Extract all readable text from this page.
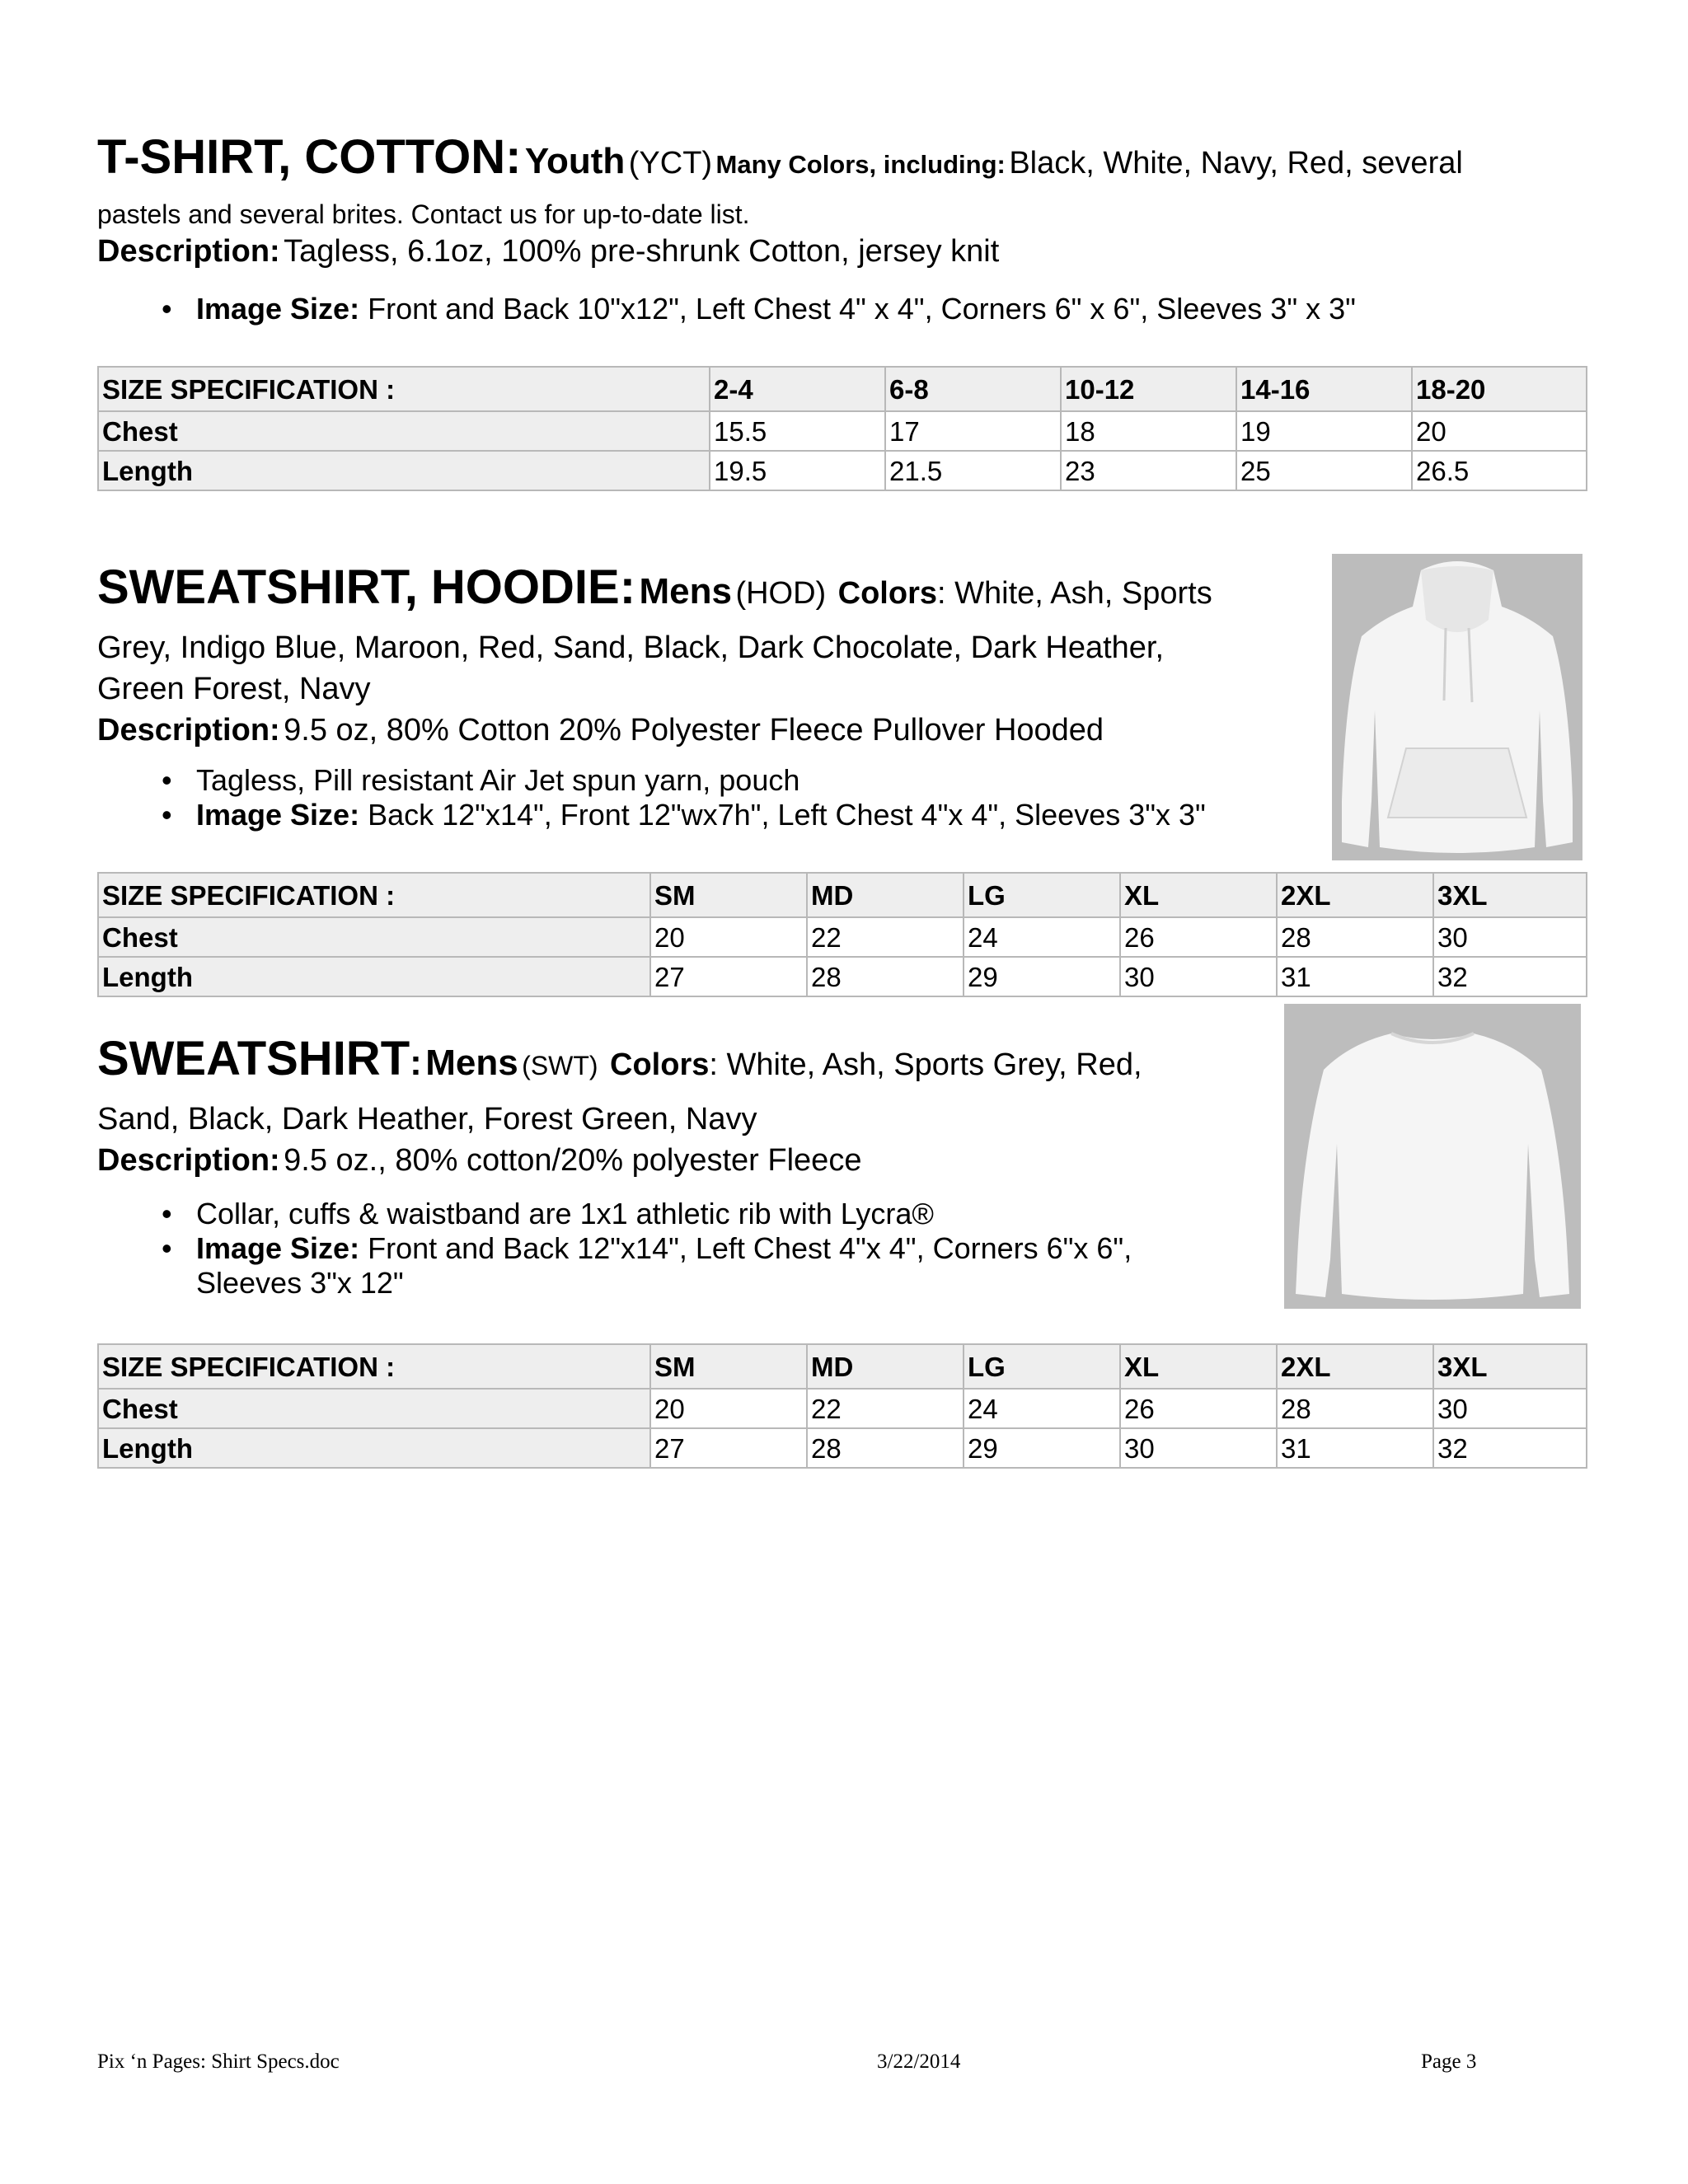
T-SHIRT, COTTON: Youth (YCT) Many Colors, including: Black, White, Navy, Red, several
pastels and several brites. Contact us for up-to-date list.
Description: Tagless, 6.1oz, 100% pre-shrunk Cotton, jersey knit
• Image Size: Front and Back 10"x12", Left Chest 4" x 4", Corners 6" x 6", Sleeves 3" x 3"
SIZE SPECIFICATION :	2-4	6-8	10-12	14-16	18-20
Chest	15.5	17	18	19	20
Length	19.5	21.5	23	25	26.5
SWEATSHIRT, HOODIE: Mens (HOD) Colors: White, Ash, Sports
Grey, Indigo Blue, Maroon, Red, Sand, Black, Dark Chocolate, Dark Heather,
Green Forest, Navy
Description: 9.5 oz, 80% Cotton 20% Polyester Fleece Pullover Hooded
• Tagless, Pill resistant Air Jet spun yarn, pouch
• Image Size: Back 12"x14", Front 12"wx7h", Left Chest 4"x 4", Sleeves 3"x 3"
SIZE SPECIFICATION :	SM	MD	LG	XL	2XL	3XL
Chest	20	22	24	26	28	30
Length	27	28	29	30	31	32
SWEATSHIRT: Mens (SWT) Colors: White, Ash, Sports Grey, Red,
Sand, Black, Dark Heather, Forest Green, Navy
Description: 9.5 oz., 80% cotton/20% polyester Fleece
• Collar, cuffs & waistband are 1x1 athletic rib with Lycra®
• Image Size: Front and Back 12"x14", Left Chest 4"x 4", Corners 6"x 6",
Sleeves 3"x 12"
SIZE SPECIFICATION :	SM	MD	LG	XL	2XL	3XL
Chest	20	22	24	26	28	30
Length	27	28	29	30	31	32
Pix ‘n Pages: Shirt Specs.doc	3/22/2014	Page 3
